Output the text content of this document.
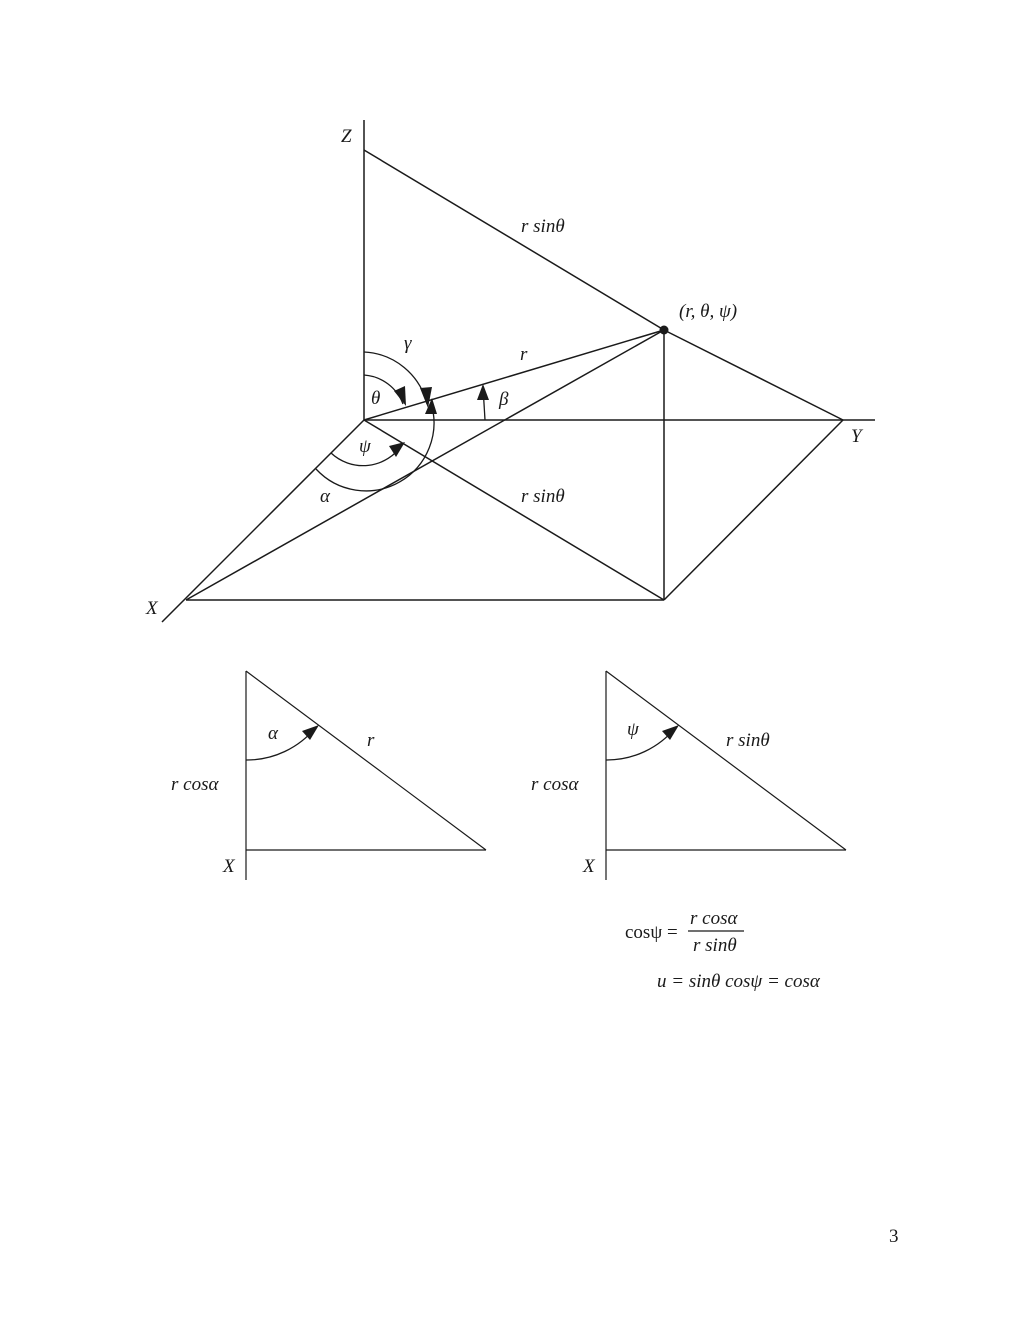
Z
Y
X
(r, θ, ψ)
r sinθ
r
r sinθ
γ
θ	β
ψ
α
α	r
r cosα
X
ψ
r sinθ
r cosα
X
cosψ =
r cosα
r sinθ
u = sinθ cosψ = cosα
3
